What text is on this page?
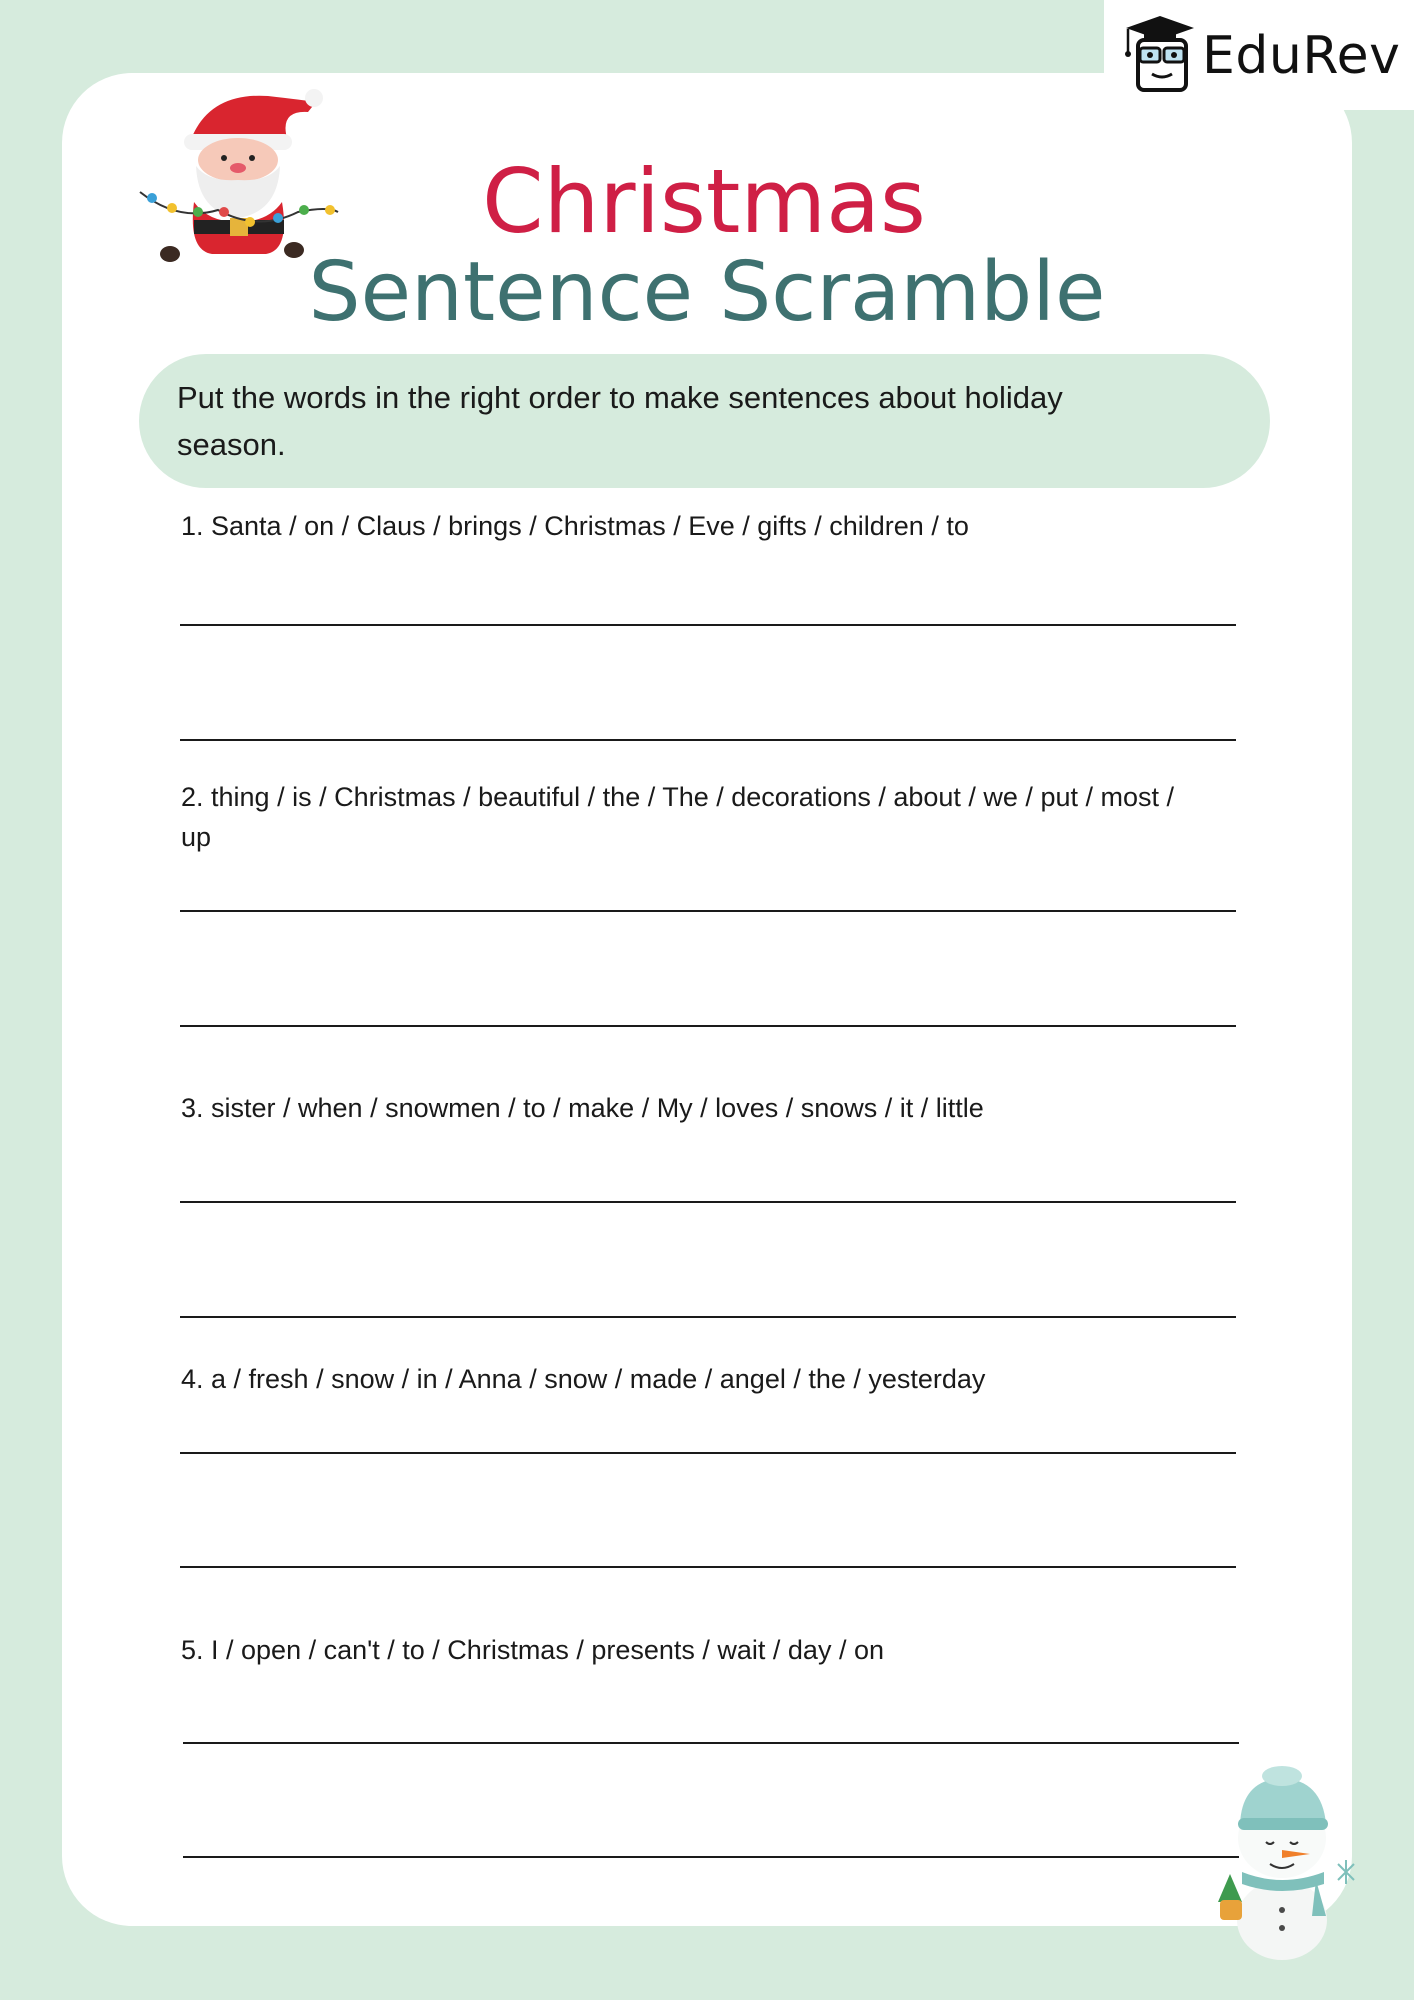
EduRev
Christmas
Sentence Scramble
Put the words in the right order to make sentences about holiday season.
1. Santa / on / Claus / brings / Christmas / Eve / gifts / children / to
2. thing / is / Christmas / beautiful / the / The / decorations / about / we / put / most / up
3. sister / when / snowmen / to / make / My / loves / snows / it / little
4. a / fresh / snow / in / Anna / snow / made / angel / the / yesterday
5. I / open / can't / to / Christmas / presents / wait / day / on
